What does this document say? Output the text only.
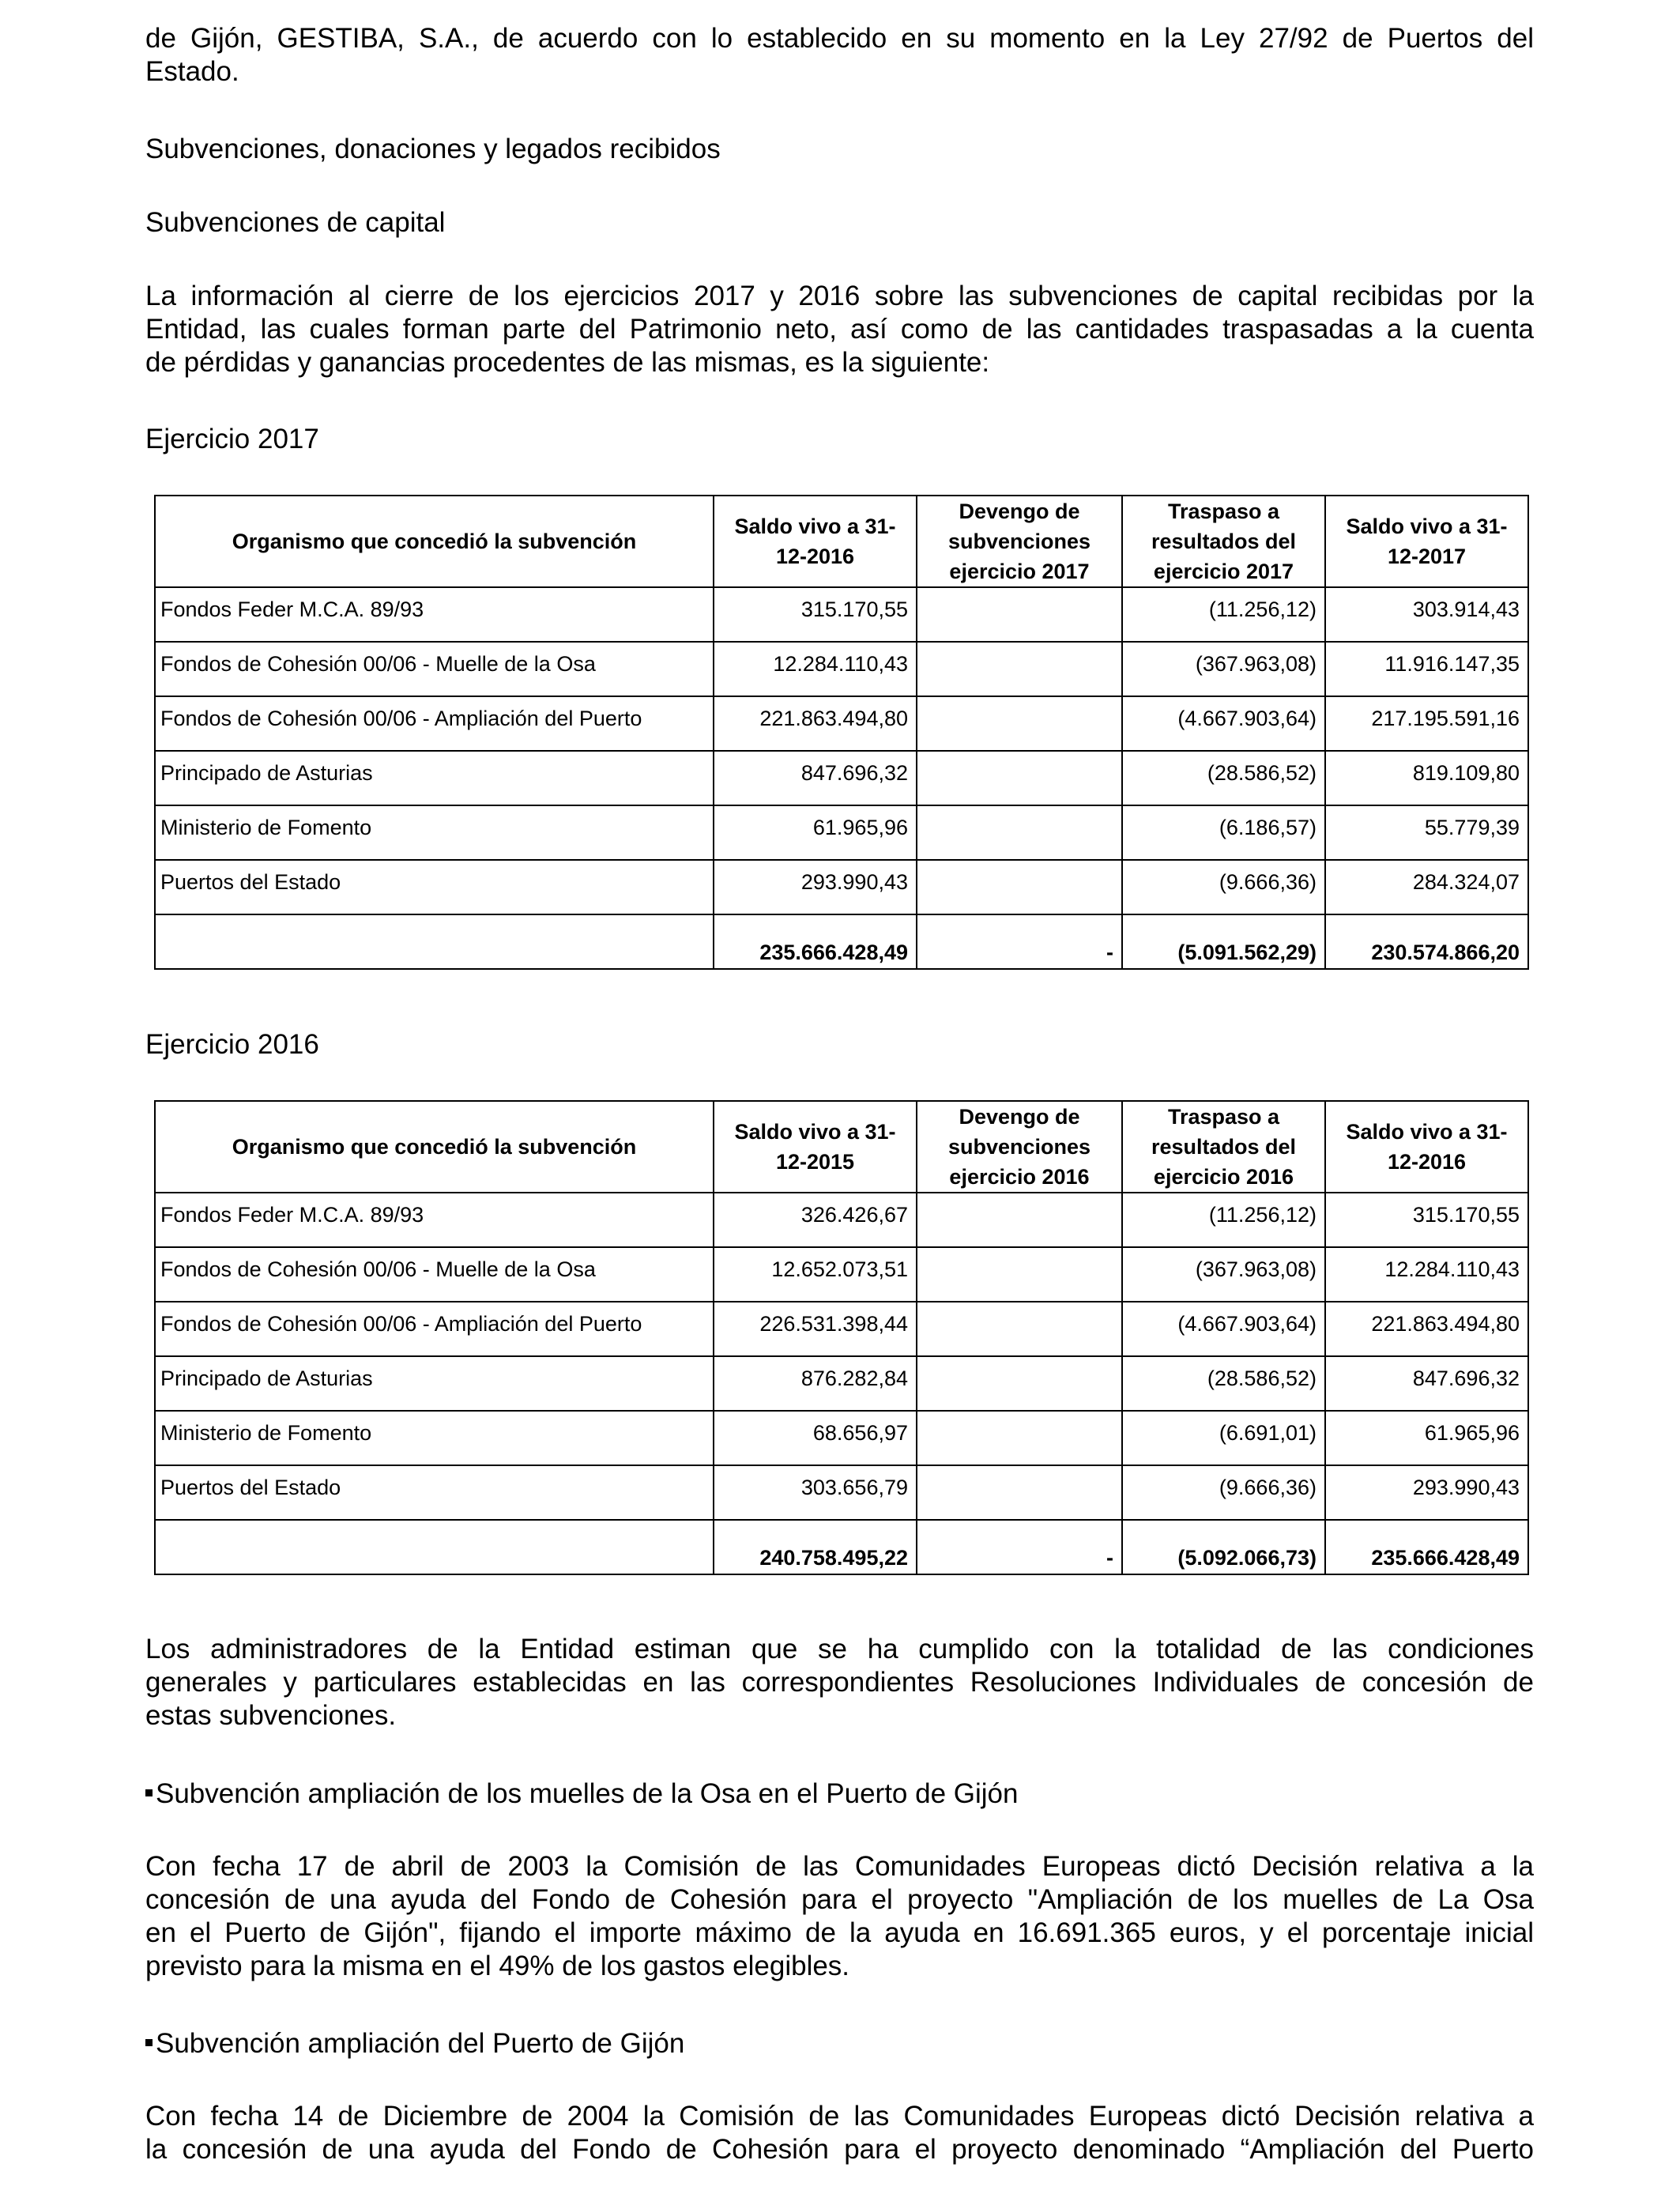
de Gijón, GESTIBA, S.A., de acuerdo con lo establecido en su momento en la Ley 27/92 de Puertos del
Estado.

Subvenciones, donaciones y legados recibidos

Subvenciones de capital

La información al cierre de los ejercicios 2017 y 2016 sobre las subvenciones de capital recibidas por la
Entidad, las cuales forman parte del Patrimonio neto, así como de las cantidades traspasadas a la cuenta
de pérdidas y ganancias procedentes de las mismas, es la siguiente:

Ejercicio 2017

Organismo que concedió la subvención	Saldo vivo a 31-12-2016	Devengo de subvenciones ejercicio 2017	Traspaso a resultados del ejercicio 2017	Saldo vivo a 31-12-2017
Fondos Feder M.C.A. 89/93	315.170,55		(11.256,12)	303.914,43
Fondos de Cohesión 00/06 - Muelle de la Osa	12.284.110,43		(367.963,08)	11.916.147,35
Fondos de Cohesión 00/06 - Ampliación del Puerto	221.863.494,80		(4.667.903,64)	217.195.591,16
Principado de Asturias	847.696,32		(28.586,52)	819.109,80
Ministerio de Fomento	61.965,96		(6.186,57)	55.779,39
Puertos del Estado	293.990,43		(9.666,36)	284.324,07
	235.666.428,49	-	(5.091.562,29)	230.574.866,20

Ejercicio 2016

Organismo que concedió la subvención	Saldo vivo a 31-12-2015	Devengo de subvenciones ejercicio 2016	Traspaso a resultados del ejercicio 2016	Saldo vivo a 31-12-2016
Fondos Feder M.C.A. 89/93	326.426,67		(11.256,12)	315.170,55
Fondos de Cohesión 00/06 - Muelle de la Osa	12.652.073,51		(367.963,08)	12.284.110,43
Fondos de Cohesión 00/06 - Ampliación del Puerto	226.531.398,44		(4.667.903,64)	221.863.494,80
Principado de Asturias	876.282,84		(28.586,52)	847.696,32
Ministerio de Fomento	68.656,97		(6.691,01)	61.965,96
Puertos del Estado	303.656,79		(9.666,36)	293.990,43
	240.758.495,22	-	(5.092.066,73)	235.666.428,49

Los administradores de la Entidad estiman que se ha cumplido con la totalidad de las condiciones
generales y particulares establecidas en las correspondientes Resoluciones Individuales de concesión de
estas subvenciones.

Subvención ampliación de los muelles de la Osa en el Puerto de Gijón

Con fecha 17 de abril de 2003 la Comisión de las Comunidades Europeas dictó Decisión relativa a la
concesión de una ayuda del Fondo de Cohesión para el proyecto "Ampliación de los muelles de La Osa
en el Puerto de Gijón", fijando el importe máximo de la ayuda en 16.691.365 euros, y el porcentaje inicial
previsto para la misma en el 49% de los gastos elegibles.

Subvención ampliación del Puerto de Gijón

Con fecha 14 de Diciembre de 2004 la Comisión de las Comunidades Europeas dictó Decisión relativa a
la concesión de una ayuda del Fondo de Cohesión para el proyecto denominado “Ampliación del Puerto
